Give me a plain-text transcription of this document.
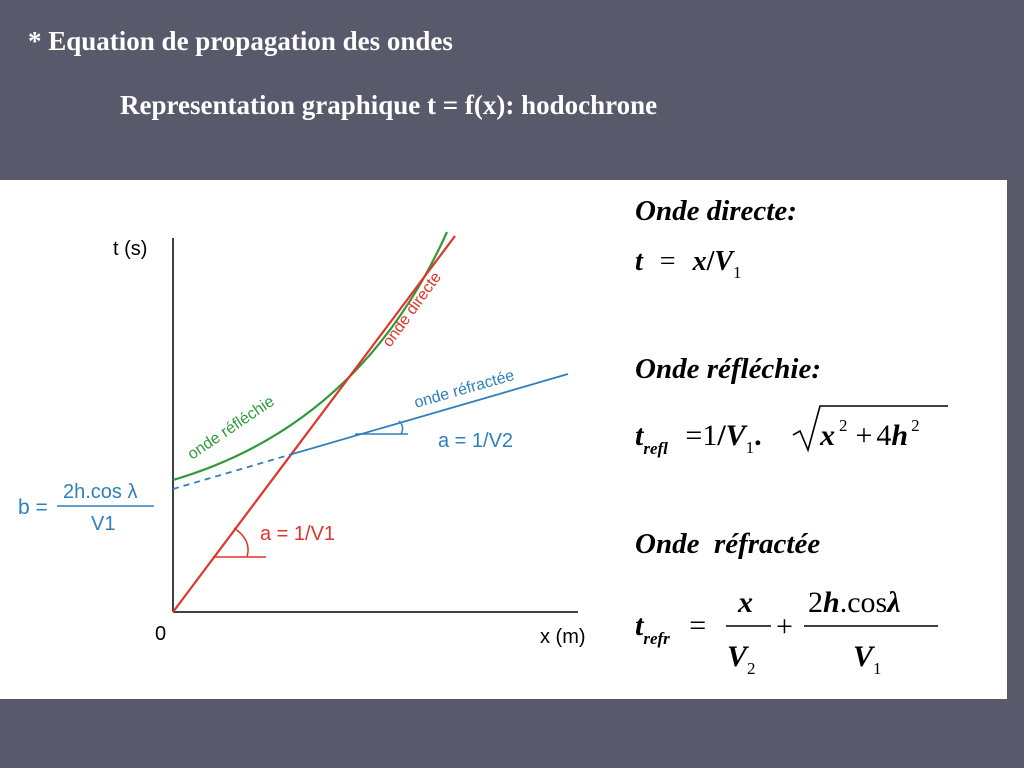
* Equation de propagation des ondes
Representation graphique t = f(x): hodochrone
t (s)
x (m)
0
onde réfléchie
onde directe
onde réfractée
a = 1/V2
a = 1/V1
b =
2h.cos λ
V1
Onde directe:
$t = x/V_1$
Onde réfléchie:
$t_{refl} =1/V_1$. x $^2$ + 4h $^2$
Onde  réfractée
$t_{refr}$ =
x
$V_2$
+
2h.cosλ
$V_1$
